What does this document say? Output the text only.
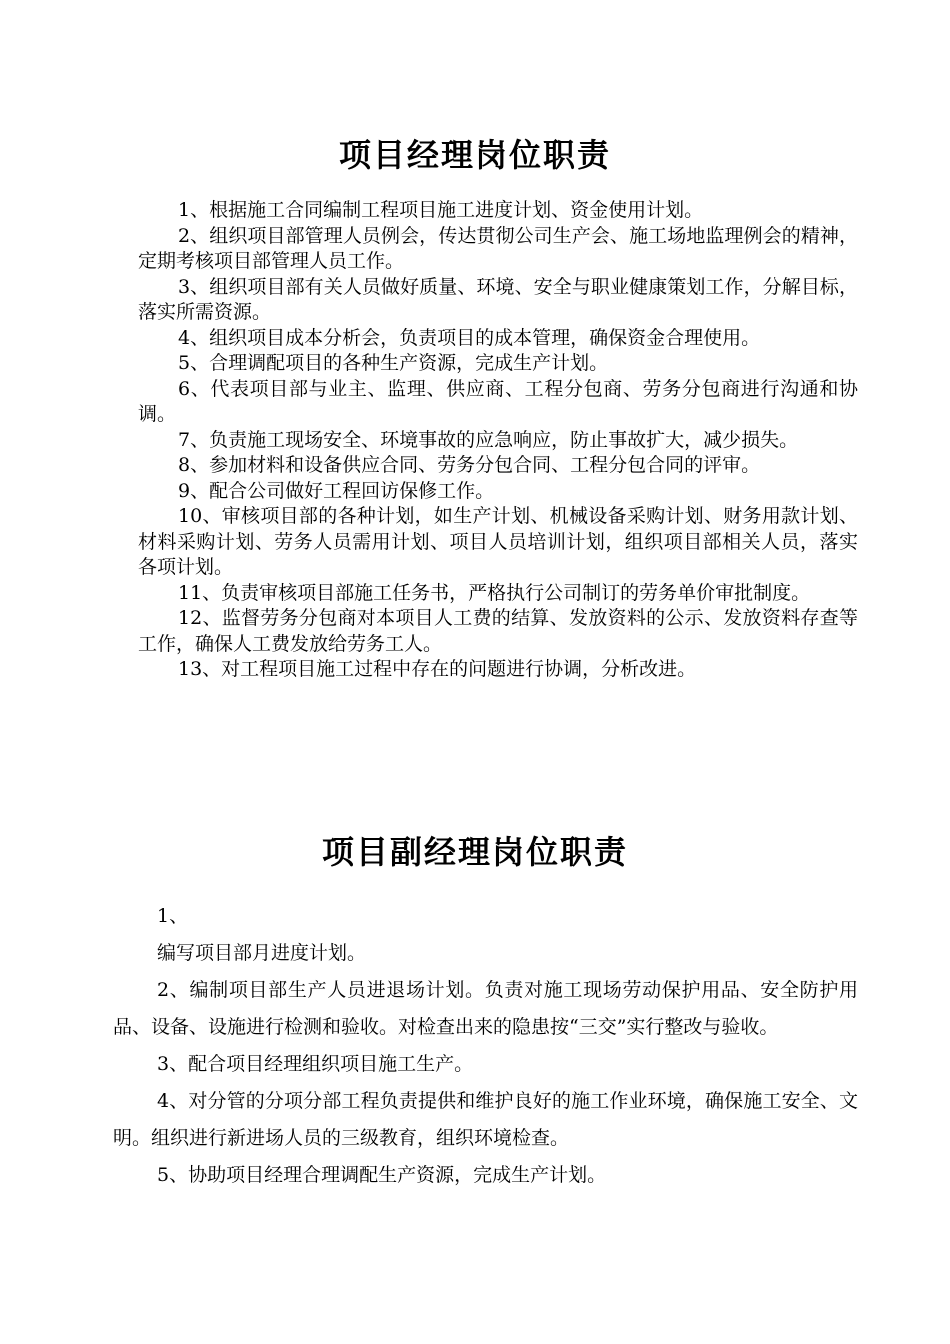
项目经理岗位职责

1、根据施工合同编制工程项目施工进度计划、资金使用计划。

2、组织项目部管理人员例会，传达贯彻公司生产会、施工场地监理例会的精神，定期考核项目部管理人员工作。

3、组织项目部有关人员做好质量、环境、安全与职业健康策划工作，分解目标，落实所需资源。

4、组织项目成本分析会，负责项目的成本管理，确保资金合理使用。

5、合理调配项目的各种生产资源，完成生产计划。

6、代表项目部与业主、监理、供应商、工程分包商、劳务分包商进行沟通和协调。

7、负责施工现场安全、环境事故的应急响应，防止事故扩大，减少损失。

8、参加材料和设备供应合同、劳务分包合同、工程分包合同的评审。

9、配合公司做好工程回访保修工作。

10、审核项目部的各种计划，如生产计划、机械设备采购计划、财务用款计划、材料采购计划、劳务人员需用计划、项目人员培训计划，组织项目部相关人员，落实各项计划。

11、负责审核项目部施工任务书，严格执行公司制订的劳务单价审批制度。

12、监督劳务分包商对本项目人工费的结算、发放资料的公示、发放资料存查等工作，确保人工费发放给劳务工人。

13、对工程项目施工过程中存在的问题进行协调，分析改进。

项目副经理岗位职责

1、

编写项目部月进度计划。

2、编制项目部生产人员进退场计划。负责对施工现场劳动保护用品、安全防护用品、设备、设施进行检测和验收。对检查出来的隐患按“三交”实行整改与验收。

3、配合项目经理组织项目施工生产。

4、对分管的分项分部工程负责提供和维护良好的施工作业环境，确保施工安全、文明。组织进行新进场人员的三级教育，组织环境检查。

5、协助项目经理合理调配生产资源，完成生产计划。
